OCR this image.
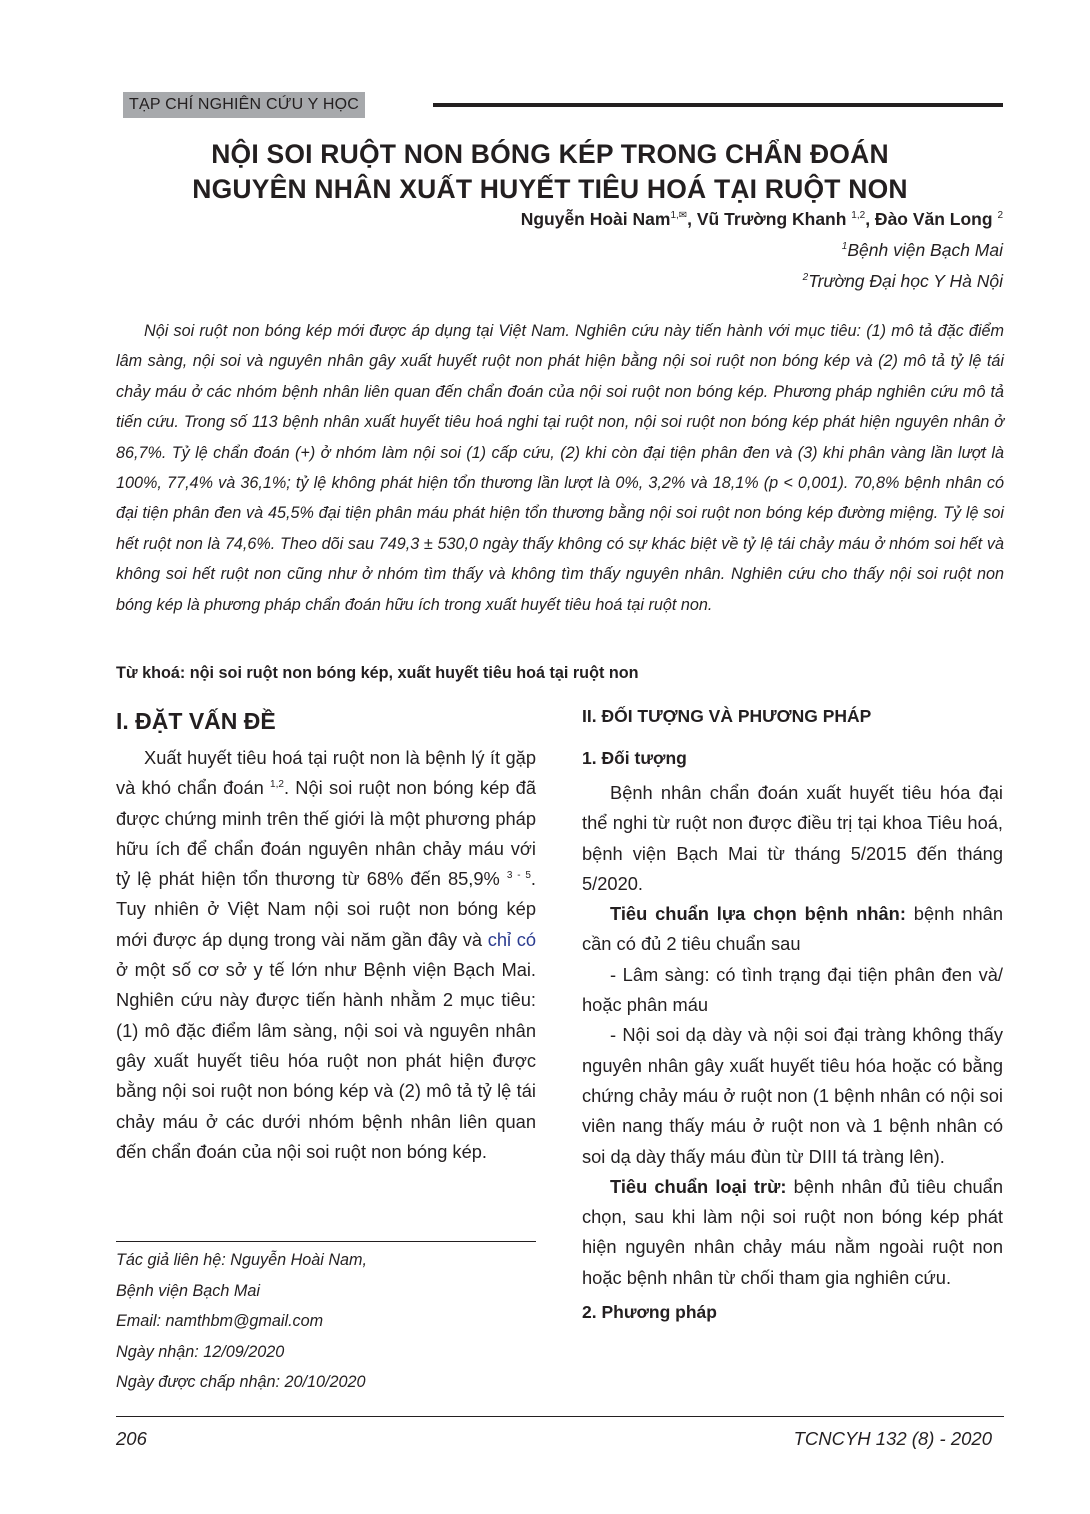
TẠP CHÍ NGHIÊN CỨU Y HỌC
NỘI SOI RUỘT NON BÓNG KÉP TRONG CHẨN ĐOÁN
NGUYÊN NHÂN XUẤT HUYẾT TIÊU HOÁ TẠI RUỘT NON
Nguyễn Hoài Nam$^{1,✉}$, Vũ Trường Khanh $^{1,2}$, Đào Văn Long $^2$
$^1$Bệnh viện Bạch Mai
$^2$Trường Đại học Y Hà Nội

Nội soi ruột non bóng kép mới được áp dụng tại Việt Nam. Nghiên cứu này tiến hành với mục tiêu: (1) mô tả đặc điểm lâm sàng, nội soi và nguyên nhân gây xuất huyết ruột non phát hiện bằng nội soi ruột non bóng kép và (2) mô tả tỷ lệ tái chảy máu ở các nhóm bệnh nhân liên quan đến chẩn đoán của nội soi ruột non bóng kép. Phương pháp nghiên cứu mô tả tiến cứu. Trong số 113 bệnh nhân xuất huyết tiêu hoá nghi tại ruột non, nội soi ruột non bóng kép phát hiện nguyên nhân ở 86,7%. Tỷ lệ chẩn đoán (+) ở nhóm làm nội soi (1) cấp cứu, (2) khi còn đại tiện phân đen và (3) khi phân vàng lần lượt là 100%, 77,4% và 36,1%; tỷ lệ không phát hiện tổn thương lần lượt là 0%, 3,2% và 18,1% (p < 0,001). 70,8% bệnh nhân có đại tiện phân đen và 45,5% đại tiện phân máu phát hiện tổn thương bằng nội soi ruột non bóng kép đường miệng. Tỷ lệ soi hết ruột non là 74,6%. Theo dõi sau 749,3 ± 530,0 ngày thấy không có sự khác biệt về tỷ lệ tái chảy máu ở nhóm soi hết và không soi hết ruột non cũng như ở nhóm tìm thấy và không tìm thấy nguyên nhân. Nghiên cứu cho thấy nội soi ruột non bóng kép là phương pháp chẩn đoán hữu ích trong xuất huyết tiêu hoá tại ruột non.

Từ khoá: nội soi ruột non bóng kép, xuất huyết tiêu hoá tại ruột non
I. ĐẶT VẤN ĐỀ

Xuất huyết tiêu hoá tại ruột non là bệnh lý ít gặp và khó chẩn đoán $^{1,2}$. Nội soi ruột non bóng kép đã được chứng minh trên thế giới là một phương pháp hữu ích để chẩn đoán nguyên nhân chảy máu với tỷ lệ phát hiện tổn thương từ 68% đến 85,9% $^{3 - 5}$. Tuy nhiên ở Việt Nam nội soi ruột non bóng kép mới được áp dụng trong vài năm gần đây và chỉ có ở một số cơ sở y tế lớn như Bệnh viện Bạch Mai. Nghiên cứu này được tiến hành nhằm 2 mục tiêu: (1) mô đặc điểm lâm sàng, nội soi và nguyên nhân gây xuất huyết tiêu hóa ruột non phát hiện được bằng nội soi ruột non bóng kép và (2) mô tả tỷ lệ tái chảy máu ở các dưới nhóm bệnh nhân liên quan đến chẩn đoán của nội soi ruột non bóng kép.

Tác giả liên hệ: Nguyễn Hoài Nam,
Bệnh viện Bạch Mai
Email: namthbm@gmail.com
Ngày nhận: 12/09/2020
Ngày được chấp nhận: 20/10/2020
II. ĐỐI TƯỢNG VÀ PHƯƠNG PHÁP
1. Đối tượng

Bệnh nhân chẩn đoán xuất huyết tiêu hóa đại thể nghi từ ruột non được điều trị tại khoa Tiêu hoá, bệnh viện Bạch Mai từ tháng 5/2015 đến tháng 5/2020.

Tiêu chuẩn lựa chọn bệnh nhân: bệnh nhân cần có đủ 2 tiêu chuẩn sau

- Lâm sàng: có tình trạng đại tiện phân đen và/ hoặc phân máu

- Nội soi dạ dày và nội soi đại tràng không thấy nguyên nhân gây xuất huyết tiêu hóa hoặc có bằng chứng chảy máu ở ruột non (1 bệnh nhân có nội soi viên nang thấy máu ở ruột non và 1 bệnh nhân có soi dạ dày thấy máu đùn từ DIII tá tràng lên).

Tiêu chuẩn loại trừ: bệnh nhân đủ tiêu chuẩn chọn, sau khi làm nội soi ruột non bóng kép phát hiện nguyên nhân chảy máu nằm ngoài ruột non hoặc bệnh nhân từ chối tham gia nghiên cứu.

2. Phương pháp
206	TCNCYH 132 (8) - 2020
